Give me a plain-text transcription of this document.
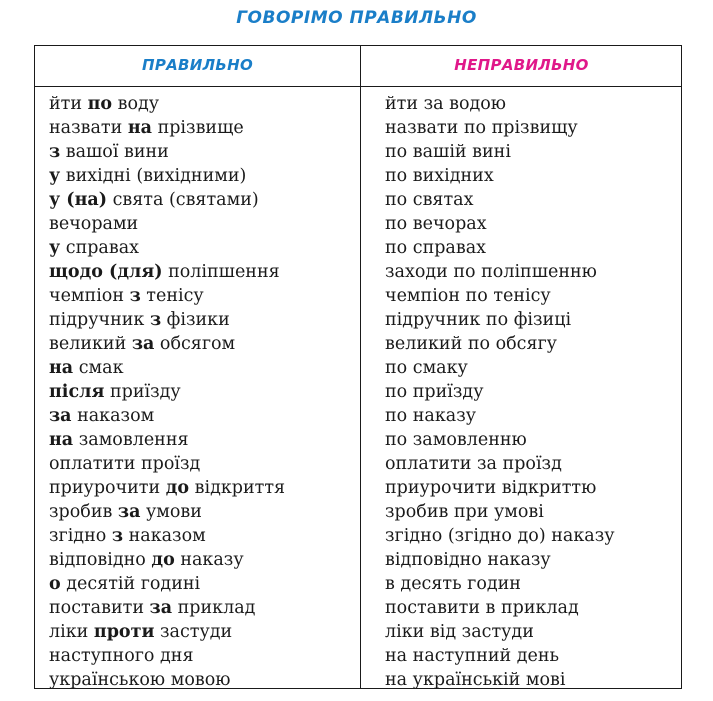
ГОВОРІМО ПРАВИЛЬНО
ПРАВИЛЬНО	НЕПРАВИЛЬНО
йти по воду
назвати на прізвище
з вашої вини
у вихідні (вихідними)
у (на) свята (святами)
вечорами
у справах
щодо (для) поліпшення
чемпіон з тенісу
підручник з фізики
великий за обсягом
на смак
після приїзду
за наказом
на замовлення
оплатити проїзд
приурочити до відкриття
зробив за умови
згідно з наказом
відповідно до наказу
о десятій годині
поставити за приклад
ліки проти застуди
наступного дня
українською мовою
йти за водою
назвати по прізвищу
по вашій вині
по вихідних
по святах
по вечорах
по справах
заходи по поліпшенню
чемпіон по тенісу
підручник по фізиці
великий по обсягу
по смаку
по приїзду
по наказу
по замовленню
оплатити за проїзд
приурочити відкриттю
зробив при умові
згідно (згідно до) наказу
відповідно наказу
в десять годин
поставити в приклад
ліки від застуди
на наступний день
на українській мові
